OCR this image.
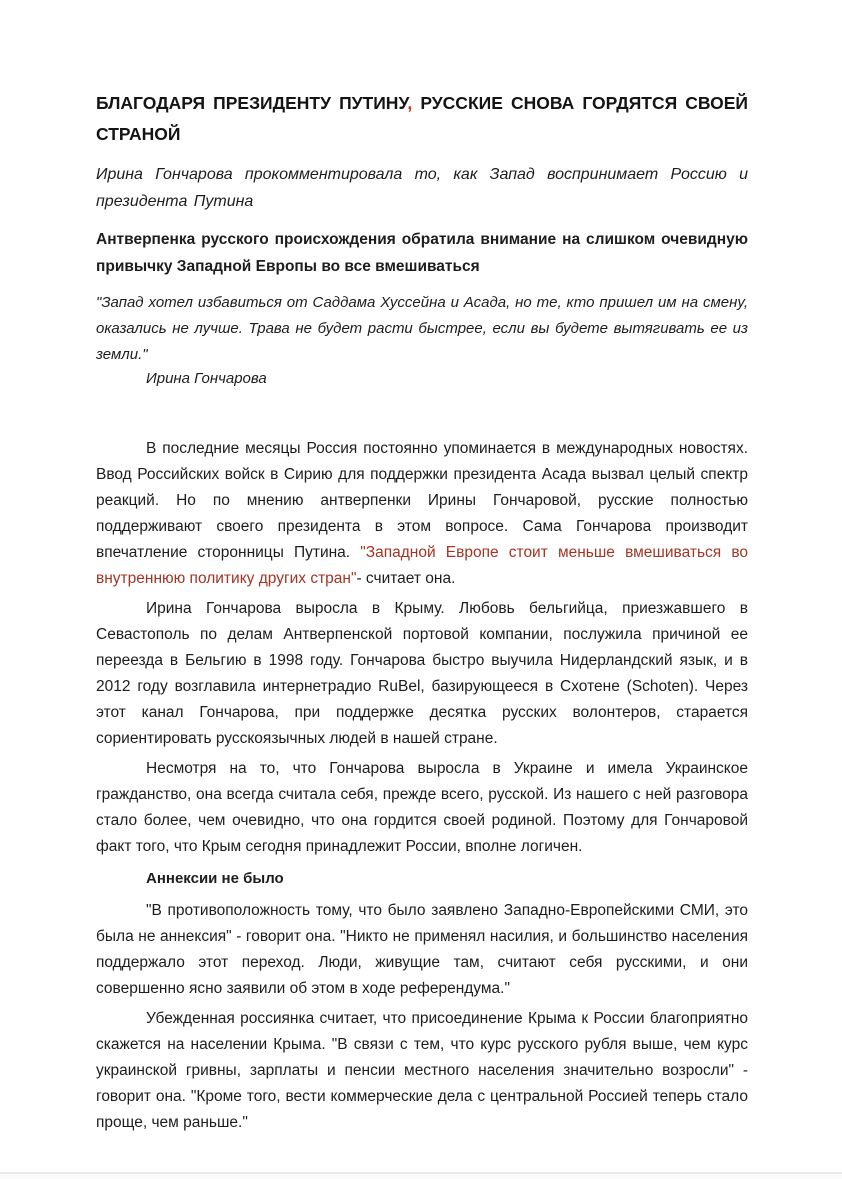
БЛАГОДАРЯ ПРЕЗИДЕНТУ ПУТИНУ, РУССКИЕ СНОВА ГОРДЯТСЯ СВОЕЙ СТРАНОЙ

Ирина Гончарова прокомментировала то, как Запад воспринимает Россию и президента Путина

Антверпенка русского происхождения обратила внимание на слишком очевидную привычку Западной Европы во все вмешиваться

"Запад хотел избавиться от Саддама Хуссейна и Асада, но те, кто пришел им на смену, оказались не лучше. Трава не будет расти быстрее, если вы будете вытягивать ее из земли."

Ирина Гончарова

В последние месяцы Россия постоянно упоминается в международных новостях. Ввод Российских войск в Сирию для поддержки президента Асада вызвал целый спектр реакций. Но по мнению антверпенки Ирины Гончаровой, русские полностью поддерживают своего президента в этом вопросе. Сама Гончарова производит впечатление сторонницы Путина. "Западной Европе стоит меньше вмешиваться во внутреннюю политику других стран"- считает она.

Ирина Гончарова выросла в Крыму. Любовь бельгийца, приезжавшего в Севастополь по делам Антверпенской портовой компании, послужила причиной ее переезда в Бельгию в 1998 году. Гончарова быстро выучила Нидерландский язык, и в 2012 году возглавила интернетрадио RuBel, базирующееся в Схотене (Schoten). Через этот канал Гончарова, при поддержке десятка русских волонтеров, старается сориентировать русскоязычных людей в нашей стране.

Несмотря на то, что Гончарова выросла в Украине и имела Украинское гражданство, она всегда считала себя, прежде всего, русской. Из нашего с ней разговора стало более, чем очевидно, что она гордится своей родиной. Поэтому для Гончаровой факт того, что Крым сегодня принадлежит России, вполне логичен.

Аннексии не было

"В противоположность тому, что было заявлено Западно-Европейскими СМИ, это была не аннексия" - говорит она. "Никто не применял насилия, и большинство населения поддержало этот переход. Люди, живущие там, считают себя русскими, и они совершенно ясно заявили об этом в ходе референдума."

Убежденная россиянка считает, что присоединение Крыма к России благоприятно скажется на населении Крыма. "В связи с тем, что курс русского рубля выше, чем курс украинской гривны, зарплаты и пенсии местного населения значительно возросли" - говорит она. "Кроме того, вести коммерческие дела с центральной Россией теперь стало проще, чем раньше."
